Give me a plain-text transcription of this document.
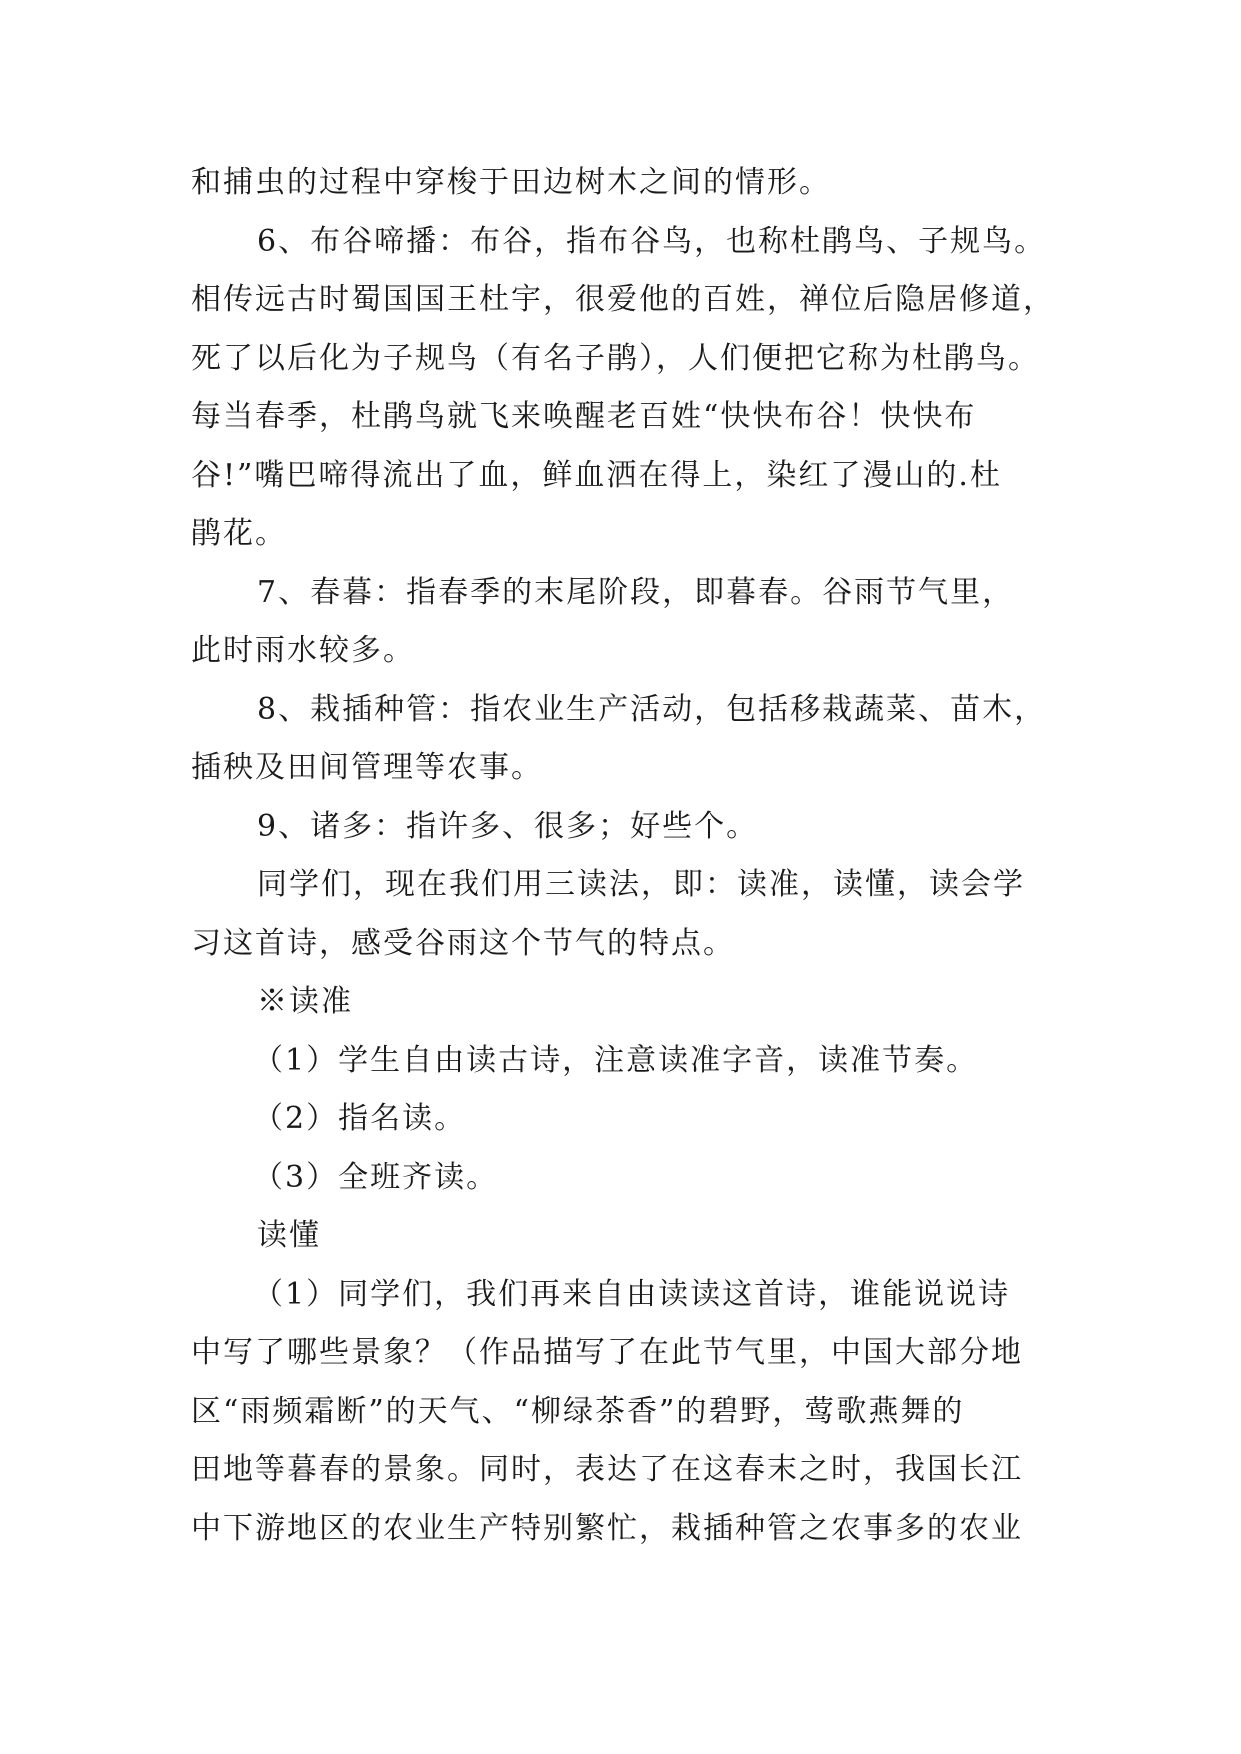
和捕虫的过程中穿梭于田边树木之间的情形。
6、布谷啼播：布谷，指布谷鸟，也称杜鹃鸟、子规鸟。
相传远古时蜀国国王杜宇，很爱他的百姓，禅位后隐居修道，
死了以后化为子规鸟（有名子鹃），人们便把它称为杜鹃鸟。
每当春季，杜鹃鸟就飞来唤醒老百姓“快快布谷！快快布
谷!”嘴巴啼得流出了血，鲜血洒在得上，染红了漫山的.杜
鹃花。
7、春暮：指春季的末尾阶段，即暮春。谷雨节气里，
此时雨水较多。
8、栽插种管：指农业生产活动，包括移栽蔬菜、苗木，
插秧及田间管理等农事。
9、诸多：指许多、很多；好些个。
同学们，现在我们用三读法，即：读准，读懂，读会学
习这首诗，感受谷雨这个节气的特点。
※读准
（1）学生自由读古诗，注意读准字音，读准节奏。
（2）指名读。
（3）全班齐读。
读懂
（1）同学们，我们再来自由读读这首诗，谁能说说诗
中写了哪些景象？（作品描写了在此节气里，中国大部分地
区“雨频霜断”的天气、“柳绿茶香”的碧野，莺歌燕舞的
田地等暮春的景象。同时，表达了在这春末之时，我国长江
中下游地区的农业生产特别繁忙，栽插种管之农事多的农业
